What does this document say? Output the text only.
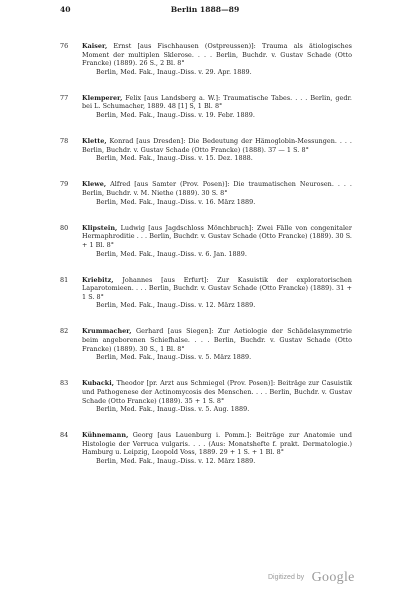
40	Berlin 1888—89
76	Kaiser, Ernst [aus Fischhausen (Ostpreussen)]: Trauma als ätiologisches Moment der multiplen Sklerose. . . . Berlin, Buchdr. v. Gustav Schade (Otto Francke) (1889). 26 S., 2 Bl. 8°
Berlin, Med. Fak., Inaug.-Diss. v. 29. Apr. 1889.
77	Klemperer, Felix [aus Landsberg a. W.]: Traumatische Tabes. . . . Berlin, gedr. bei L. Schumacher, 1889. 48 [1] S, 1 Bl. 8°
Berlin, Med. Fak., Inaug.-Diss. v. 19. Febr. 1889.
78	Klette, Konrad [aus Dresden]: Die Bedeutung der Hämoglobin-Messungen. . . . Berlin, Buchdr. v. Gustav Schade (Otto Francke) (1888). 37 — 1 S. 8°
Berlin, Med. Fak., Inaug.-Diss. v. 15. Dez. 1888.
79	Klewe, Alfred [aus Samter (Prov. Posen)]: Die traumatischen Neurosen. . . . Berlin, Buchdr. v. M. Niethe (1889). 30 S. 8°
Berlin, Med. Fak., Inaug.-Diss. v. 16. März 1889.
80	Klipstein, Ludwig [aus Jagdschloss Mönchbruch]: Zwei Fälle von congenitaler Hermaphroditie . . . Berlin, Buchdr. v. Gustav Schade (Otto Francke) (1889). 30 S. + 1 Bl. 8°
Berlin, Med. Fak., Inaug.-Diss. v. 6. Jan. 1889.
81	Kriebitz, Johannes [aus Erfurt]: Zur Kasuistik der exploratorischen Laparotomieen. . . . Berlin, Buchdr. v. Gustav Schade (Otto Francke) (1889). 31 + 1 S. 8°
Berlin, Med. Fak., Inaug.-Diss. v. 12. März 1889.
82	Krummacher, Gerhard [aus Siegen]: Zur Aetiologie der Schädelasymmetrie beim angeborenen Schiefhalse. . . . Berlin, Buchdr. v. Gustav Schade (Otto Francke) (1889). 30 S., 1 Bl. 8°
Berlin, Med. Fak., Inaug.-Diss. v. 5. März 1889.
83	Kubacki, Theodor [pr. Arzt aus Schmiegel (Prov. Posen)]: Beiträge zur Casuistik und Pathogenese der Actinomycosis des Menschen. . . . Berlin, Buchdr. v. Gustav Schade (Otto Francke) (1889). 35 + 1 S. 8°
Berlin, Med. Fak., Inaug.-Diss. v. 5. Aug. 1889.
84	Kühnemann, Georg [aus Lauenburg i. Pomm.]: Beiträge zur Anatomie und Histologie der Verruca vulgaris. . . . (Aus: Monatshefte f. prakt. Dermatologie.) Hamburg u. Leipzig, Leopold Voss, 1889. 29 + 1 S. + 1 Bl. 8°
Berlin, Med. Fak., Inaug.-Diss. v. 12. März 1889.
Digitized by Google
